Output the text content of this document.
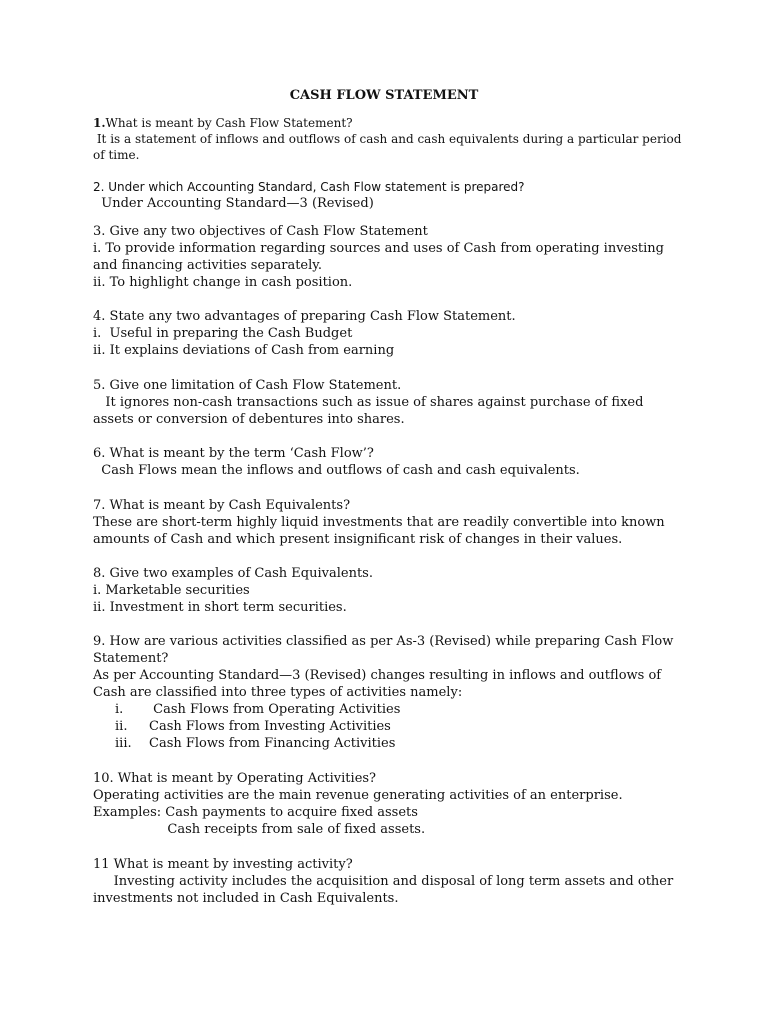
CASH FLOW STATEMENT
1.What is meant by Cash Flow Statement?
It is a statement of inflows and outflows of cash and cash equivalents during a particular period
of time.
2. Under which Accounting Standard, Cash Flow statement is prepared?
Under Accounting Standard—3 (Revised)
3. Give any two objectives of Cash Flow Statement
i. To provide information regarding sources and uses of Cash from operating investing
and financing activities separately.
ii. To highlight change in cash position.
4. State any two advantages of preparing Cash Flow Statement.
i.  Useful in preparing the Cash Budget
ii. It explains deviations of Cash from earning
5. Give one limitation of Cash Flow Statement.
It ignores non-cash transactions such as issue of shares against purchase of fixed
assets or conversion of debentures into shares.
6. What is meant by the term ‘Cash Flow’?
Cash Flows mean the inflows and outflows of cash and cash equivalents.
7. What is meant by Cash Equivalents?
These are short-term highly liquid investments that are readily convertible into known
amounts of Cash and which present insignificant risk of changes in their values.
8. Give two examples of Cash Equivalents.
i. Marketable securities
ii. Investment in short term securities.
9. How are various activities classified as per As-3 (Revised) while preparing Cash Flow
Statement?
As per Accounting Standard—3 (Revised) changes resulting in inflows and outflows of
Cash are classified into three types of activities namely:
i.	Cash Flows from Operating Activities
ii.	Cash Flows from Investing Activities
iii.	Cash Flows from Financing Activities
10. What is meant by Operating Activities?
Operating activities are the main revenue generating activities of an enterprise.
Examples: Cash payments to acquire fixed assets
Cash receipts from sale of fixed assets.
11 What is meant by investing activity?
Investing activity includes the acquisition and disposal of long term assets and other
investments not included in Cash Equivalents.
